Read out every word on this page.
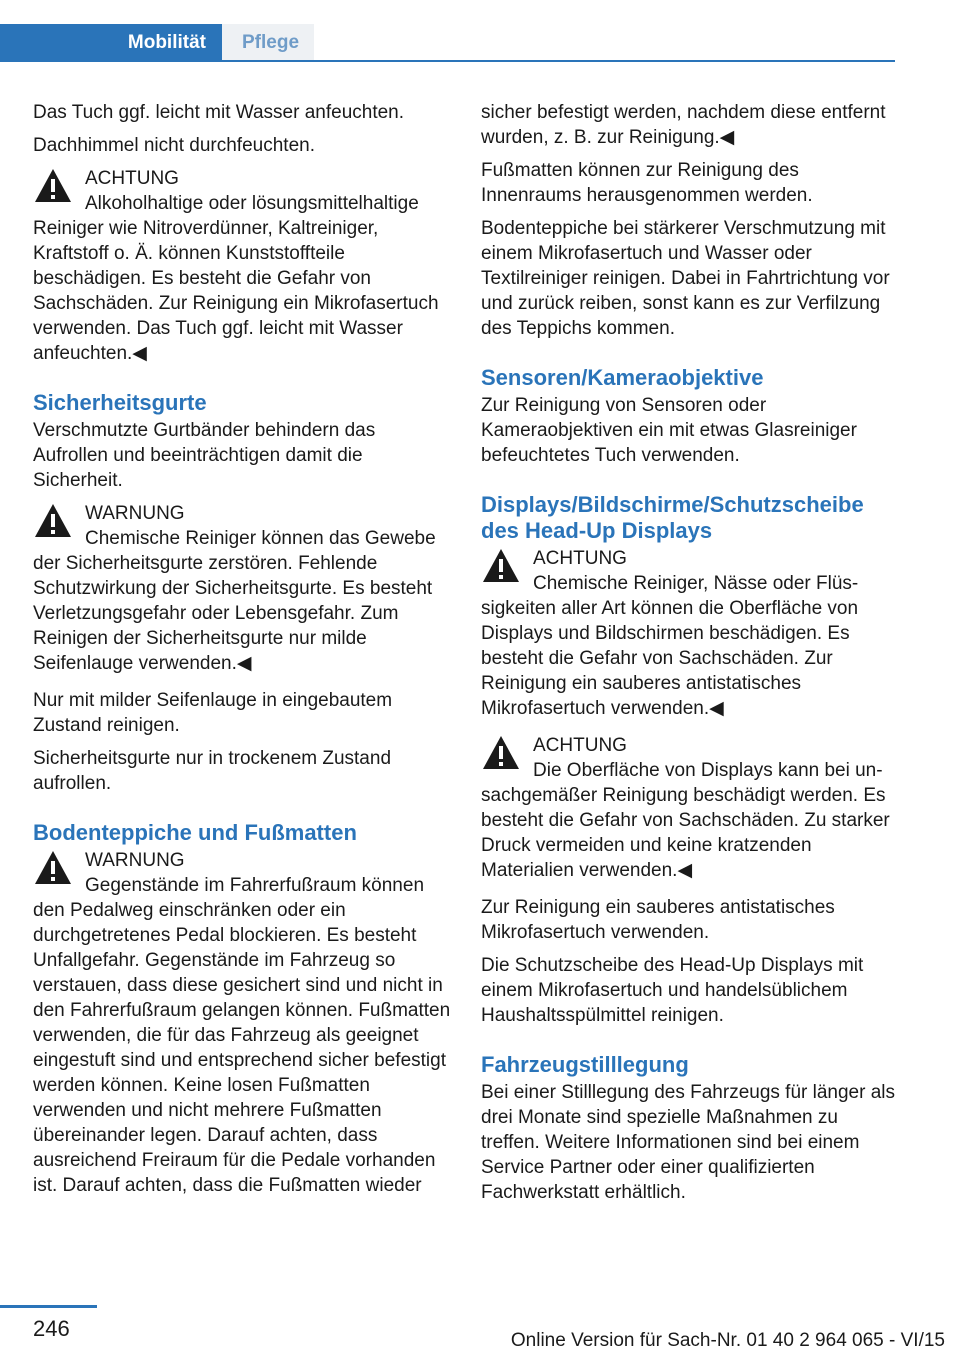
Mobilität	Pflege

Das Tuch ggf. leicht mit Wasser anfeuchten.

Dachhimmel nicht durchfeuchten.

ACHTUNG
Alkoholhaltige oder lösungsmittelhaltige
Reiniger wie Nitroverdünner, Kaltreiniger, Kraftstoff o. Ä. können Kunststoffteile beschädigen. Es besteht die Gefahr von Sachschäden. Zur Reinigung ein Mikrofasertuch verwenden. Das Tuch ggf. leicht mit Wasser anfeuchten.◀
Sicherheitsgurte

Verschmutzte Gurtbänder behindern das Aufrollen und beeinträchtigen damit die Sicherheit.

WARNUNG
Chemische Reiniger können das Gewebe
der Sicherheitsgurte zerstören. Fehlende Schutzwirkung der Sicherheitsgurte. Es besteht Verletzungsgefahr oder Lebensgefahr. Zum Reinigen der Sicherheitsgurte nur milde Seifenlauge verwenden.◀

Nur mit milder Seifenlauge in eingebautem Zustand reinigen.

Sicherheitsgurte nur in trockenem Zustand aufrollen.

Bodenteppiche und Fußmatten
WARNUNG
Gegenstände im Fahrerfußraum können
den Pedalweg einschränken oder ein durchgetretenes Pedal blockieren. Es besteht Unfallgefahr. Gegenstände im Fahrzeug so verstauen, dass diese gesichert sind und nicht in den Fahrerfußraum gelangen können. Fußmatten verwenden, die für das Fahrzeug als geeignet eingestuft sind und entsprechend sicher befestigt werden können. Keine losen Fußmatten verwenden und nicht mehrere Fußmatten übereinander legen. Darauf achten, dass ausreichend Freiraum für die Pedale vorhanden ist. Darauf achten, dass die Fußmatten wieder

sicher befestigt werden, nachdem diese entfernt wurden, z. B. zur Reinigung.◀

Fußmatten können zur Reinigung des Innenraums herausgenommen werden.

Bodenteppiche bei stärkerer Verschmutzung mit einem Mikrofasertuch und Wasser oder Textilreiniger reinigen. Dabei in Fahrtrichtung vor und zurück reiben, sonst kann es zur Verfilzung des Teppichs kommen.

Sensoren/Kameraobjektive

Zur Reinigung von Sensoren oder Kameraobjektiven ein mit etwas Glasreiniger befeuchtetes Tuch verwenden.

Displays/Bildschirme/Schutzscheibe des Head-Up Displays
ACHTUNG
Chemische Reiniger, Nässe oder Flüs-
sigkeiten aller Art können die Oberfläche von Displays und Bildschirmen beschädigen. Es besteht die Gefahr von Sachschäden. Zur Reinigung ein sauberes antistatisches Mikrofasertuch verwenden.◀
ACHTUNG
Die Oberfläche von Displays kann bei un-
sachgemäßer Reinigung beschädigt werden. Es besteht die Gefahr von Sachschäden. Zu starker Druck vermeiden und keine kratzenden Materialien verwenden.◀

Zur Reinigung ein sauberes antistatisches Mikrofasertuch verwenden.

Die Schutzscheibe des Head-Up Displays mit einem Mikrofasertuch und handelsüblichem Haushaltsspülmittel reinigen.

Fahrzeugstilllegung

Bei einer Stilllegung des Fahrzeugs für länger als drei Monate sind spezielle Maßnahmen zu treffen. Weitere Informationen sind bei einem Service Partner oder einer qualifizierten Fachwerkstatt erhältlich.

246	Online Version für Sach-Nr. 01 40 2 964 065 - VI/15
